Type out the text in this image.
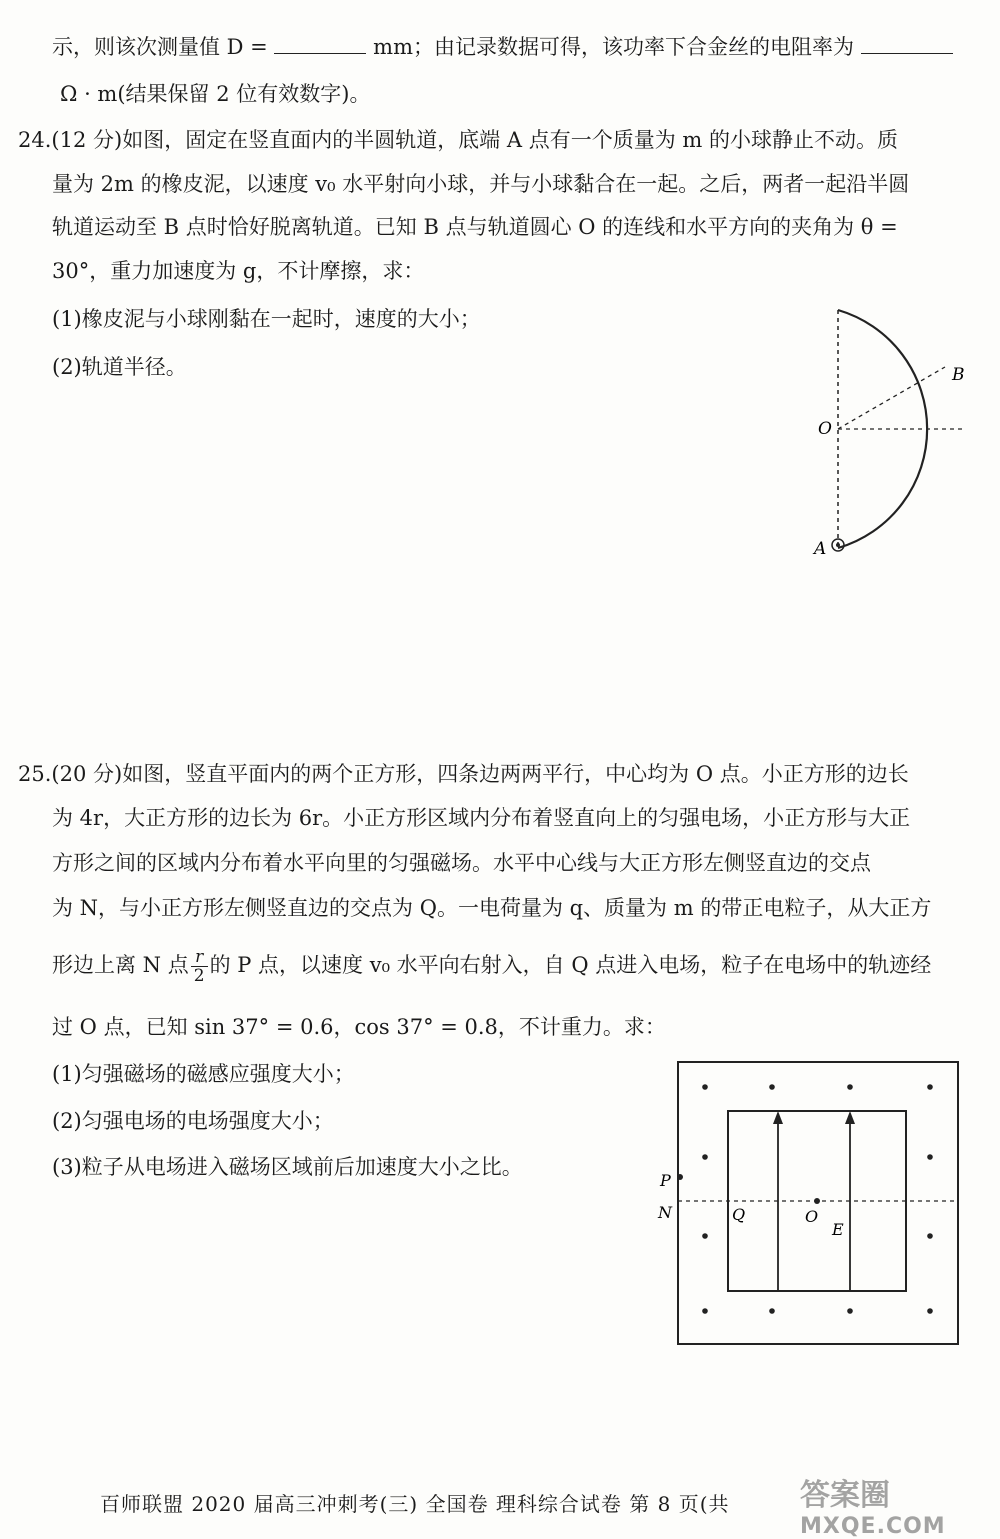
示，则该次测量值 D =	mm；由记录数据可得，该功率下合金丝的电阻率为
Ω · m(结果保留 2 位有效数字)。
24.(12 分)如图，固定在竖直面内的半圆轨道，底端 A 点有一个质量为 m 的小球静止不动。质
量为 2m 的橡皮泥，以速度 v₀ 水平射向小球，并与小球黏合在一起。之后，两者一起沿半圆
轨道运动至 B 点时恰好脱离轨道。已知 B 点与轨道圆心 O 的连线和水平方向的夹角为 θ =
30°，重力加速度为 g，不计摩擦，求：
(1)橡皮泥与小球刚黏在一起时，速度的大小；
(2)轨道半径。	B
O
A
25.(20 分)如图，竖直平面内的两个正方形，四条边两两平行，中心均为 O 点。小正方形的边长
为 4r，大正方形的边长为 6r。小正方形区域内分布着竖直向上的匀强电场，小正方形与大正
方形之间的区域内分布着水平向里的匀强磁场。水平中心线与大正方形左侧竖直边的交点
为 N，与小正方形左侧竖直边的交点为 Q。一电荷量为 q、质量为 m 的带正电粒子，从大正方
形边上离 N 点 $\frac{r}{2}$ 的 P 点，以速度 v₀ 水平向右射入，自 Q 点进入电场，粒子在电场中的轨迹经
过 O 点，已知 sin 37° = 0.6，cos 37° = 0.8，不计重力。求：
(1)匀强磁场的磁感应强度大小；
(2)匀强电场的电场强度大小；
(3)粒子从电场进入磁场区域前后加速度大小之比。
P
N	Q	O
E
百师联盟 2020 届高三冲刺考(三) 全国卷 理科综合试卷 第 8 页(共 答案圈
MXQE.COM
